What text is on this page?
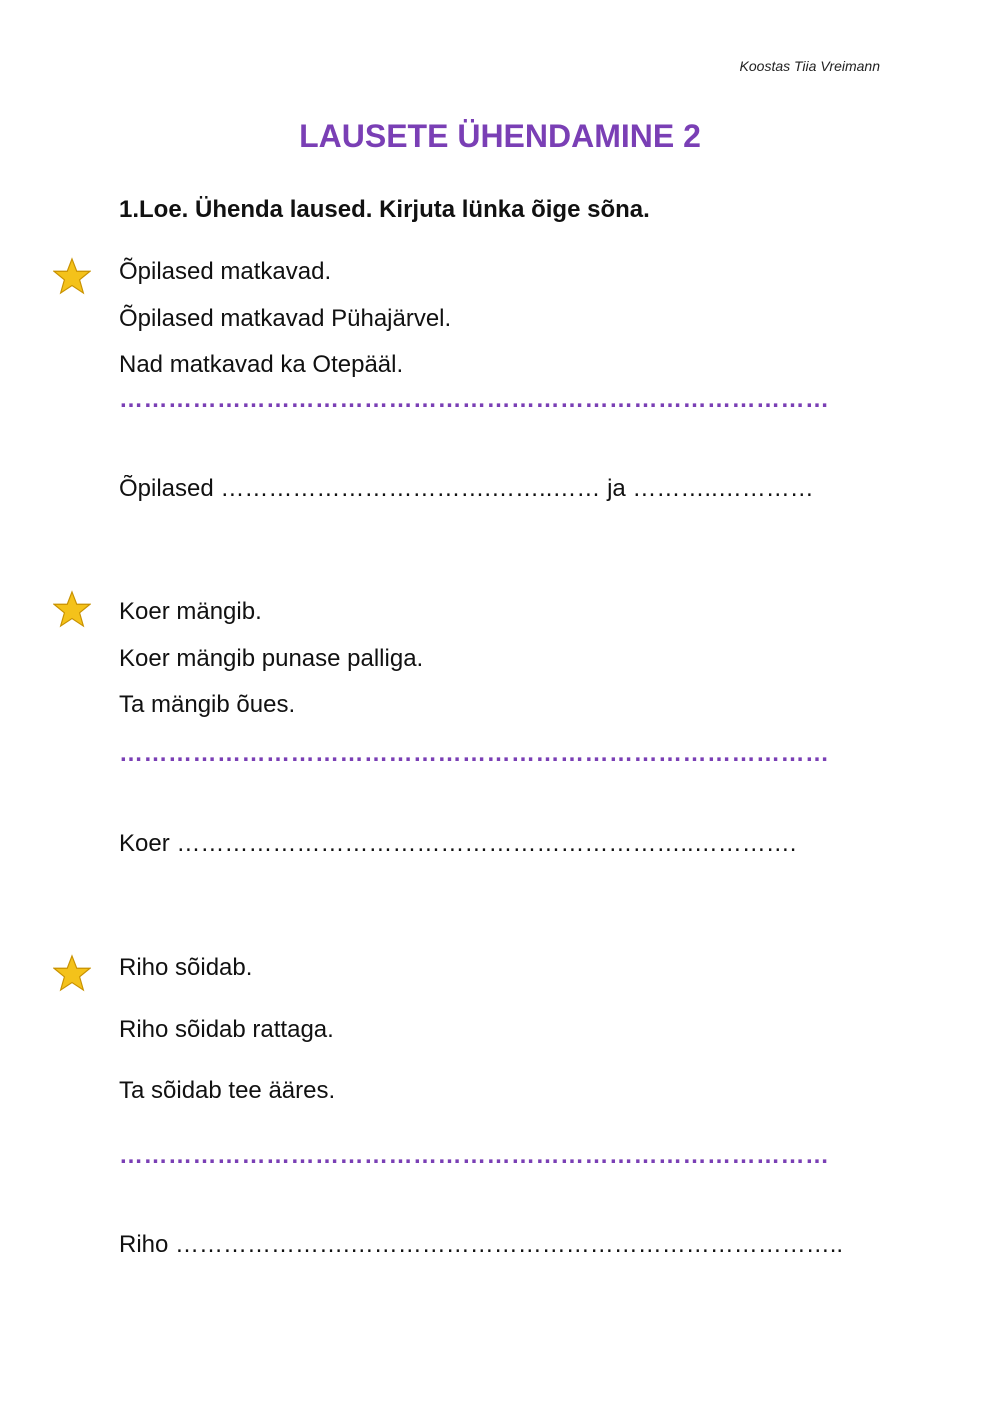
Koostas Tiia Vreimann
LAUSETE ÜHENDAMINE 2
1.Loe. Ühenda laused. Kirjuta lünka õige sõna.
Õpilased matkavad.
Õpilased matkavad Pühajärvel.
Nad matkavad ka Otepääl.
……………………………………………………………………………
Õpilased …………………………….……..…… ja ………..…………
Koer mängib.
Koer mängib punase palliga.
Ta mängib õues.
……………………………………………………………………………
Koer ………………………………………………………..………….
Riho sõidab.
Riho sõidab rattaga.
Ta sõidab tee ääres.
……………………………………………………………………………
Riho ………………….……………………………………………………..
